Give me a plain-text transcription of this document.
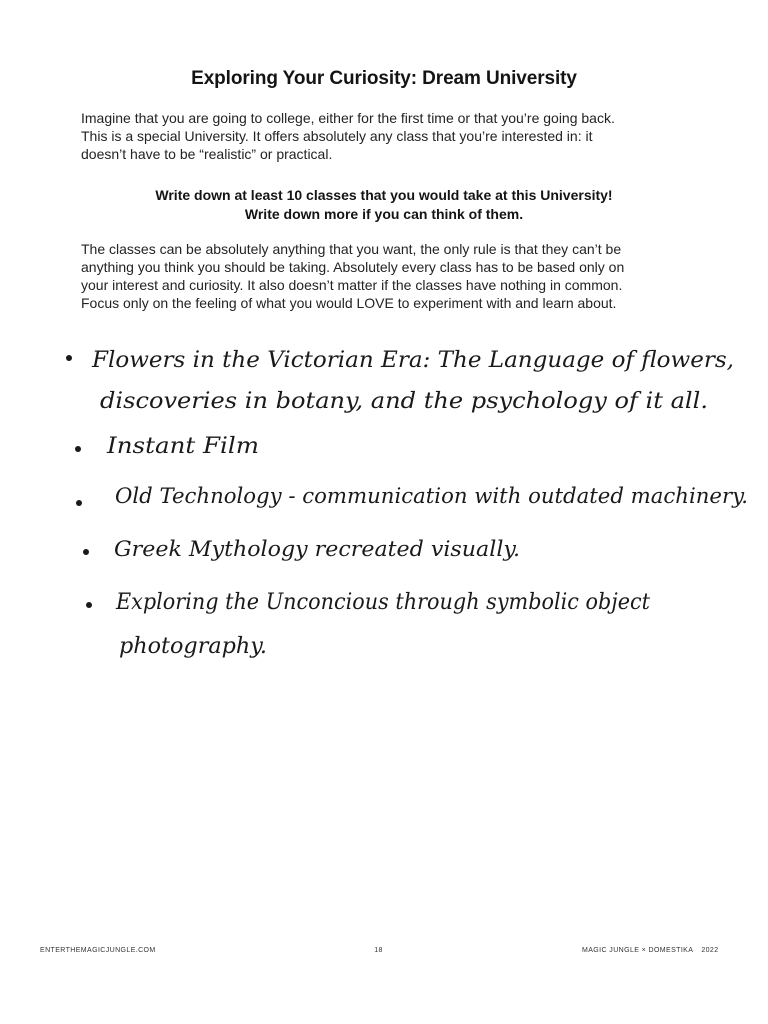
Exploring Your Curiosity: Dream University

Imagine that you are going to college, either for the first time or that you’re going back.

This is a special University. It offers absolutely any class that you’re interested in: it

doesn’t have to be “realistic” or practical.

Write down at least 10 classes that you would take at this University!

Write down more if you can think of them.

The classes can be absolutely anything that you want, the only rule is that they can’t be

anything you think you should be taking. Absolutely every class has to be based only on

your interest and curiosity. It also doesn’t matter if the classes have nothing in common.

Focus only on the feeling of what you would LOVE to experiment with and learn about.

Flowers in the Victorian Era: The Language of flowers,
discoveries in botany, and the psychology of it all.
Instant Film
Old Technology - communication with outdated machinery.
Greek Mythology recreated visually.
Exploring the Unconcious through symbolic object
photography.
ENTERTHEMAGICJUNGLE.COM	18	MAGIC JUNGLE × DOMESTIKA 2022
